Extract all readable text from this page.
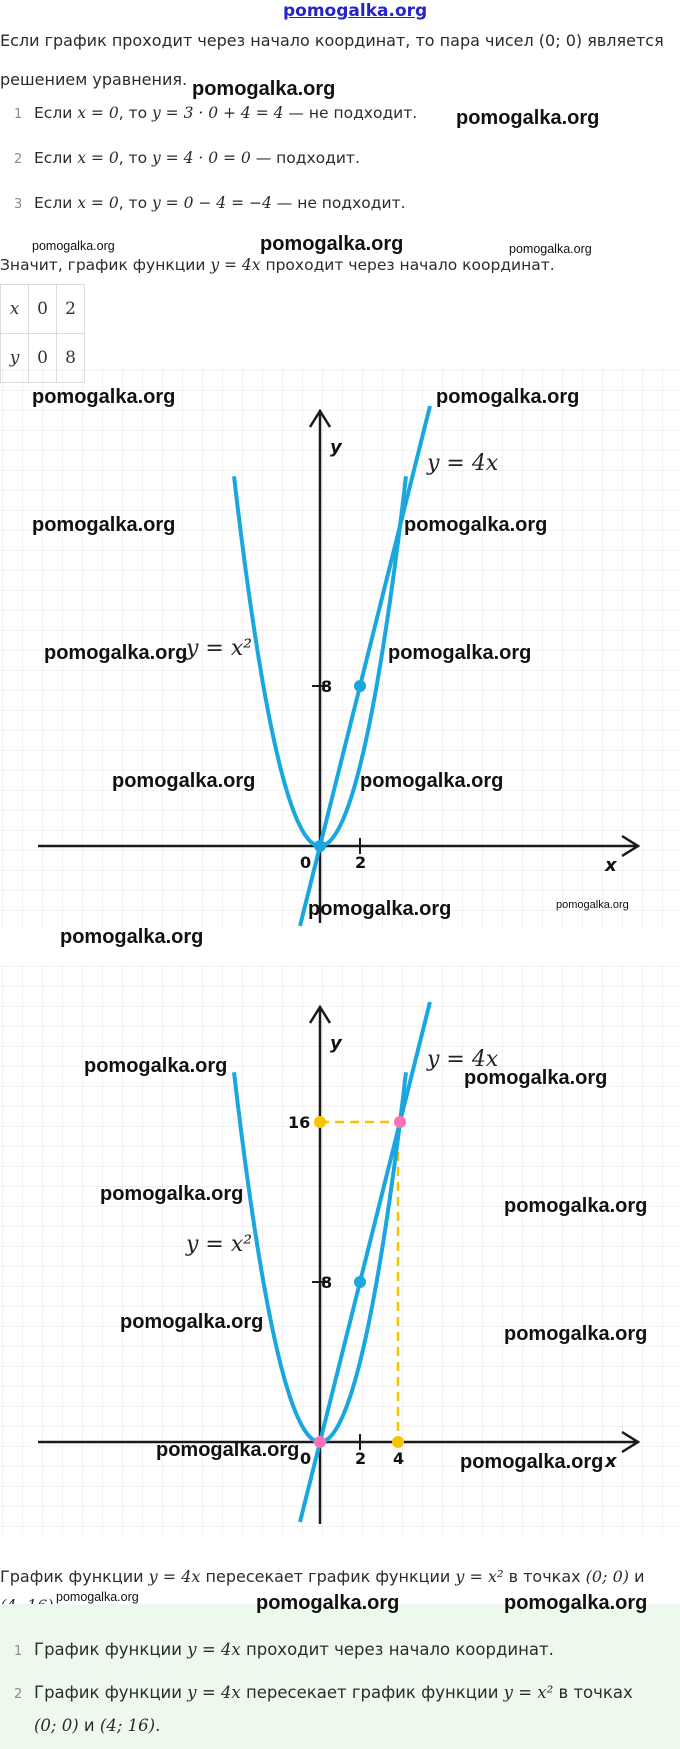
pomogalka.org
Если график проходит через начало координат, то пара чисел (0; 0) является
решением уравнения.
1 Если x = 0, то y = 3 · 0 + 4 = 4 — не подходит.
2 Если x = 0, то y = 4 · 0 = 0 — подходит.
3 Если x = 0, то y = 0 − 4 = −4 — не подходит.
Значит, график функции y = 4x проходит через начало координат.
x	0	2
y	0	8
y
x
0	2
8
y = 4x
y = x²
y
x
0	2 4
8
16
y = 4x
y = x²
График функции y = 4x пересекает график функции y = x² в точках (0; 0) и
1 График функции y = 4x проходит через начало координат.
2 График функции y = 4x пересекает график функции y = x² в точках
(0; 0) и (4; 16).
pomogalka.org
pomogalka.org
pomogalka.org	pomogalka.org	pomogalka.org
pomogalka.org	pomogalka.org
pomogalka.org	pomogalka.org
pomogalka.org	pomogalka.org
pomogalka.org	pomogalka.org
pomogalka.org	pomogalka.org
pomogalka.org
pomogalka.org
pomogalka.org
pomogalka.org
pomogalka.org
pomogalka.org
pomogalka.org
pomogalka.org
pomogalka.org
pomogalka.org	pomogalka.org	pomogalka.org
